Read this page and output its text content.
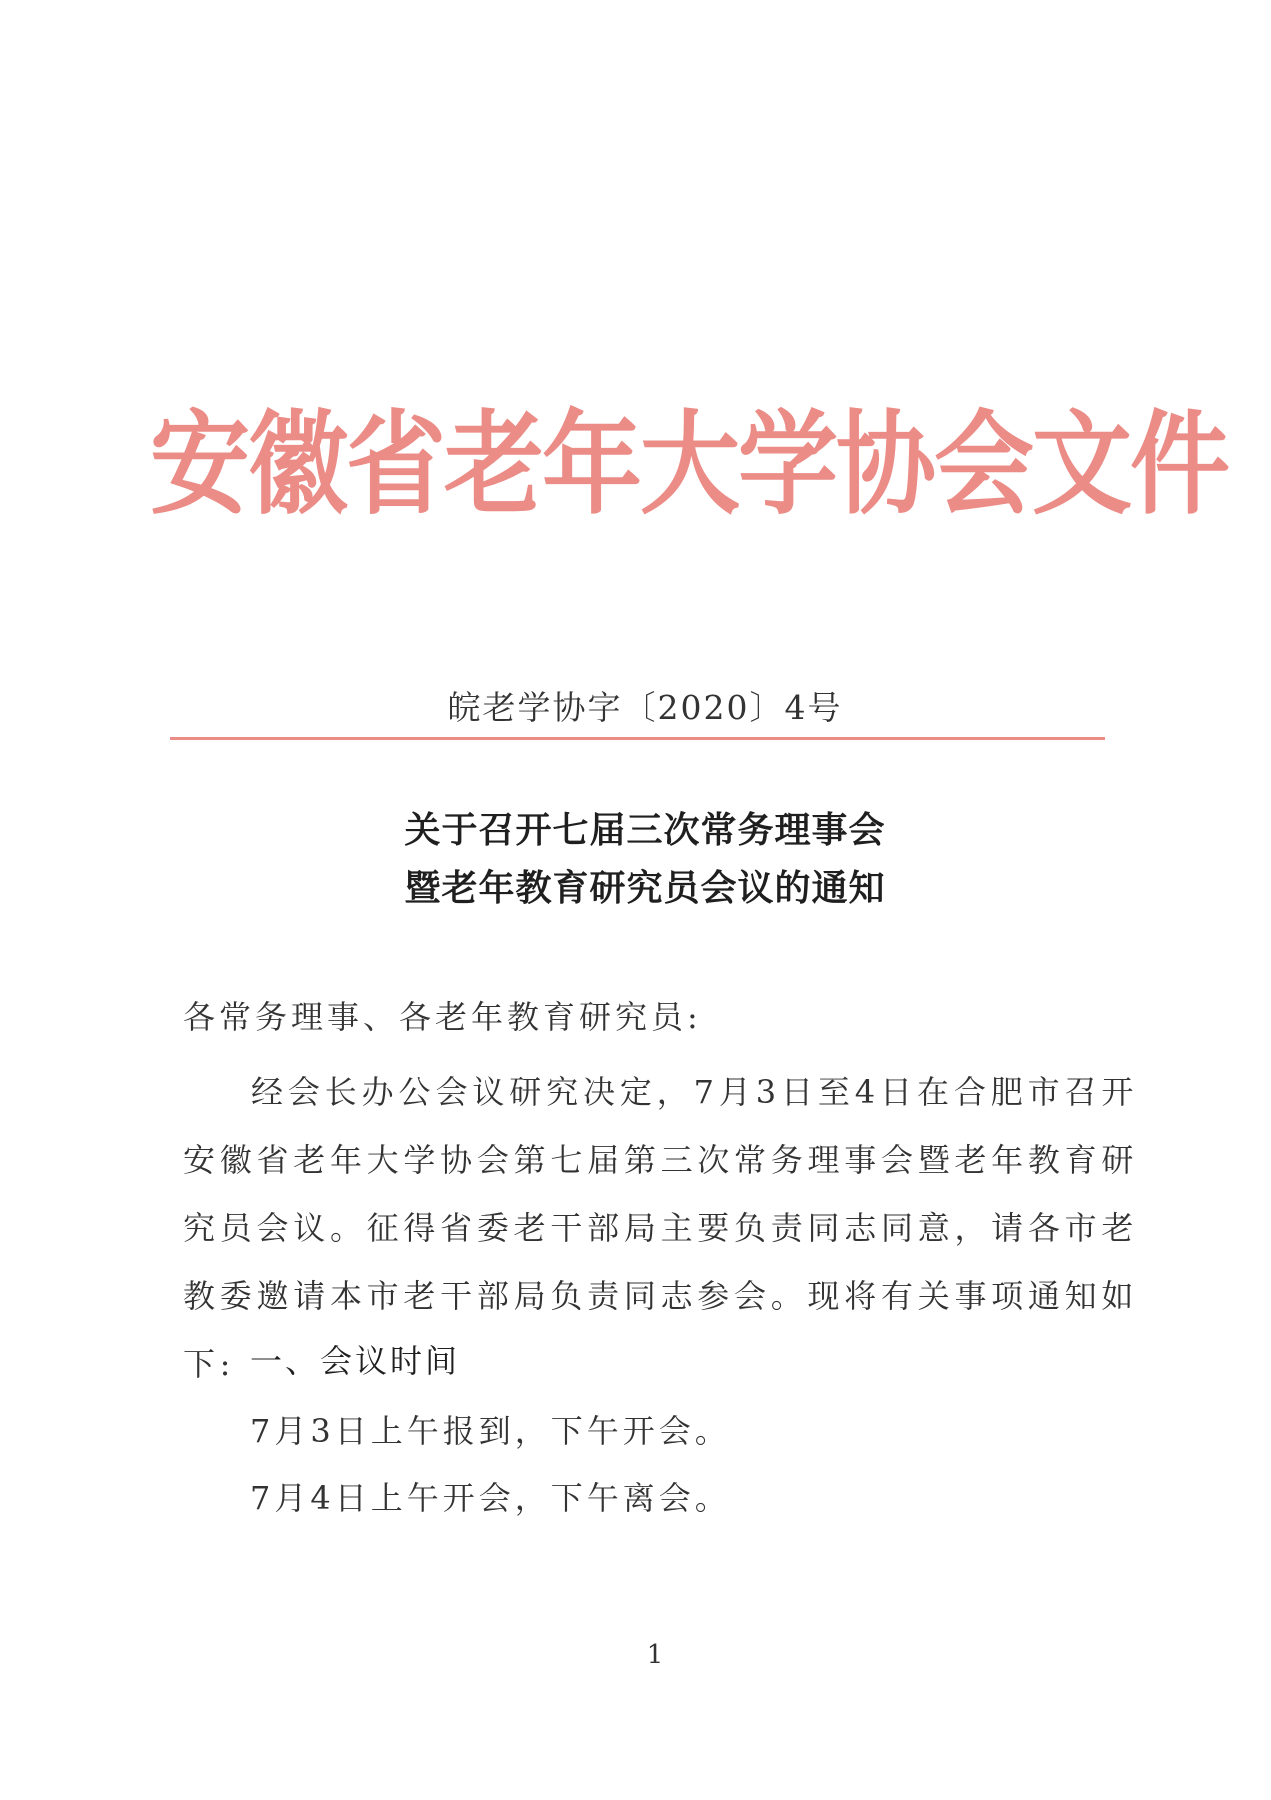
安徽省老年大学协会文件
皖老学协字〔2020〕4号
关于召开七届三次常务理事会
暨老年教育研究员会议的通知
各常务理事、各老年教育研究员:
经会长办公会议研究决定，7月3日至4日在合肥市召开安徽省老年大学协会第七届第三次常务理事会暨老年教育研究员会议。征得省委老干部局主要负责同志同意，请各市老教委邀请本市老干部局负责同志参会。现将有关事项通知如下: 一、会议时间
7月3日上午报到，下午开会。
7月4日上午开会，下午离会。
1
